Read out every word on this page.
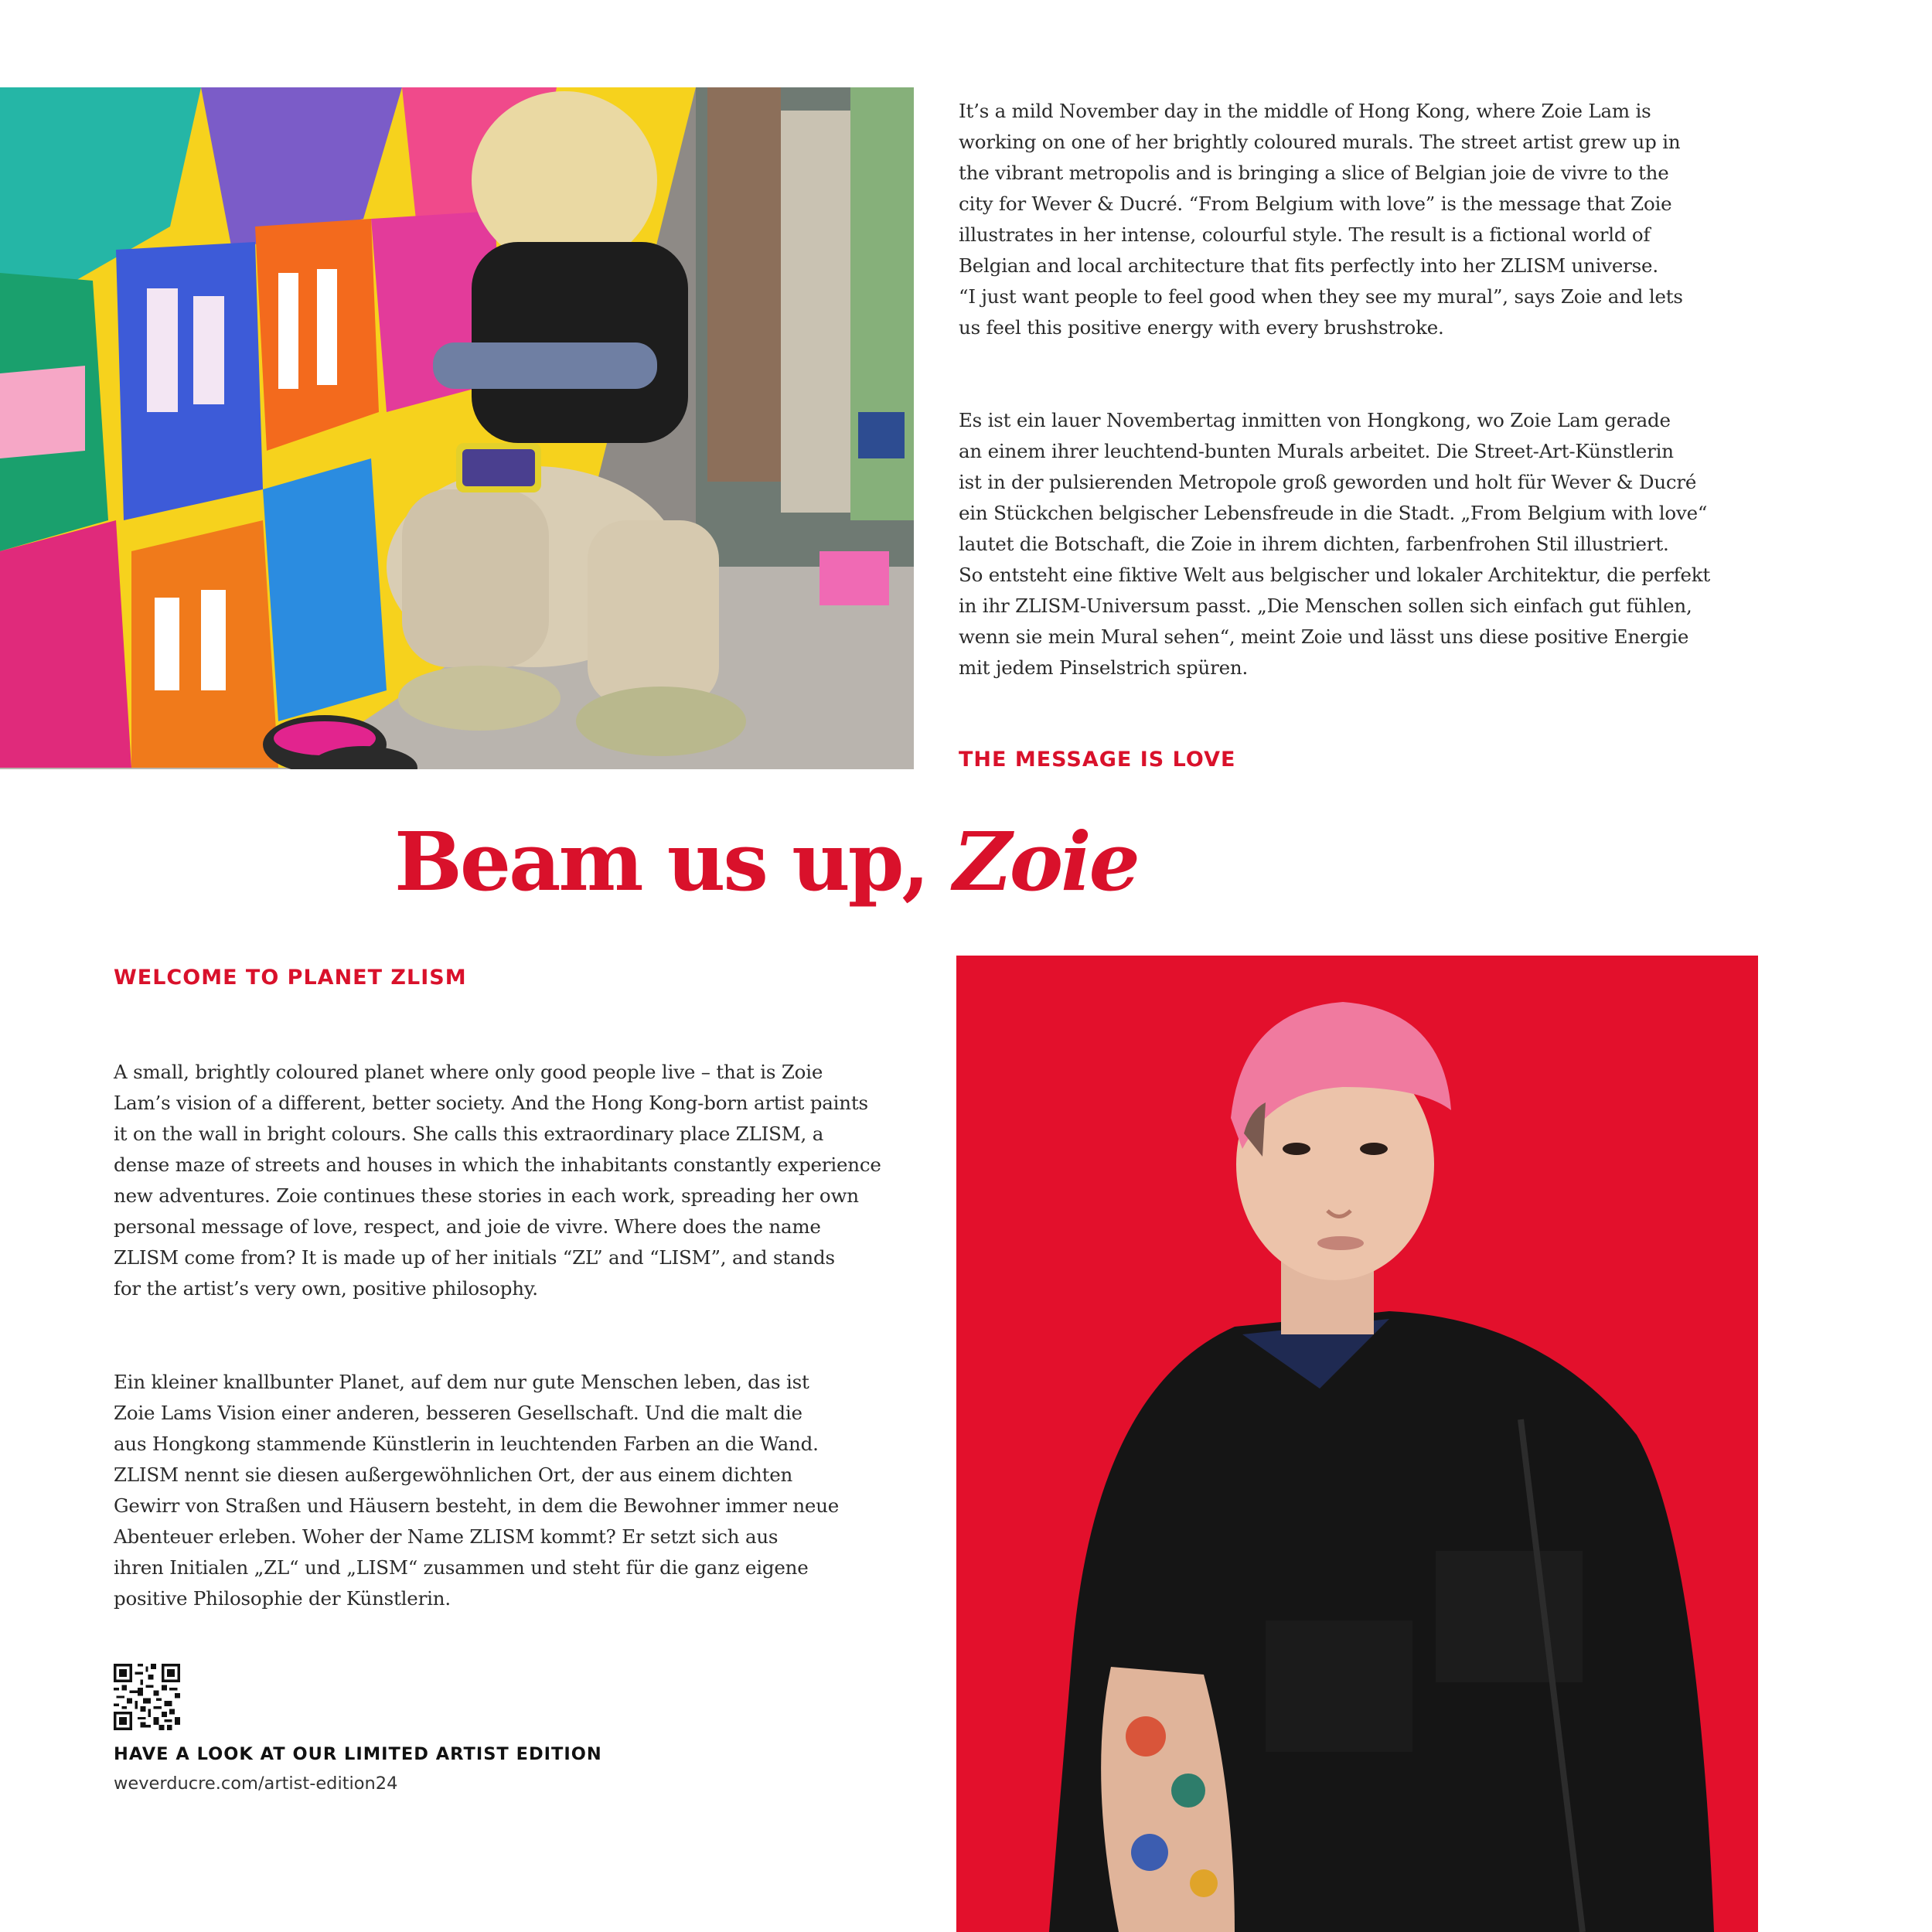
It’s a mild November day in the middle of Hong Kong, where Zoie Lam is
working on one of her brightly coloured murals. The street artist grew up in
the vibrant metropolis and is bringing a slice of Belgian joie de vivre to the
city for Wever & Ducré. “From Belgium with love” is the message that Zoie
illustrates in her intense, colourful style. The result is a fictional world of
Belgian and local architecture that fits perfectly into her ZLISM universe.
“I just want people to feel good when they see my mural”, says Zoie and lets
us feel this positive energy with every brushstroke.

Es ist ein lauer Novembertag inmitten von Hongkong, wo Zoie Lam gerade
an einem ihrer leuchtend-bunten Murals arbeitet. Die Street-Art-Künstlerin
ist in der pulsierenden Metropole groß geworden und holt für Wever & Ducré
ein Stückchen belgischer Lebensfreude in die Stadt. „From Belgium with love“
lautet die Botschaft, die Zoie in ihrem dichten, farbenfrohen Stil illustriert.
So entsteht eine fiktive Welt aus belgischer und lokaler Architektur, die perfekt
in ihr ZLISM-Universum passt. „Die Menschen sollen sich einfach gut fühlen,
wenn sie mein Mural sehen“, meint Zoie und lässt uns diese positive Energie
mit jedem Pinselstrich spüren.

THE MESSAGE IS LOVE

Beam us up, Zoie

WELCOME TO PLANET ZLISM

A small, brightly coloured planet where only good people live – that is Zoie
Lam’s vision of a different, better society. And the Hong Kong-born artist paints
it on the wall in bright colours. She calls this extraordinary place ZLISM, a
dense maze of streets and houses in which the inhabitants constantly experience
new adventures. Zoie continues these stories in each work, spreading her own
personal message of love, respect, and joie de vivre. Where does the name
ZLISM come from? It is made up of her initials “ZL” and “LISM”, and stands
for the artist’s very own, positive philosophy.

Ein kleiner knallbunter Planet, auf dem nur gute Menschen leben, das ist
Zoie Lams Vision einer anderen, besseren Gesellschaft. Und die malt die
aus Hongkong stammende Künstlerin in leuchtenden Farben an die Wand.
ZLISM nennt sie diesen außergewöhnlichen Ort, der aus einem dichten
Gewirr von Straßen und Häusern besteht, in dem die Bewohner immer neue
Abenteuer erleben. Woher der Name ZLISM kommt? Er setzt sich aus
ihren Initialen „ZL“ und „LISM“ zusammen und steht für die ganz eigene
positive Philosophie der Künstlerin.

HAVE A LOOK AT OUR LIMITED ARTIST EDITION

weverducre.com/artist-edition24
